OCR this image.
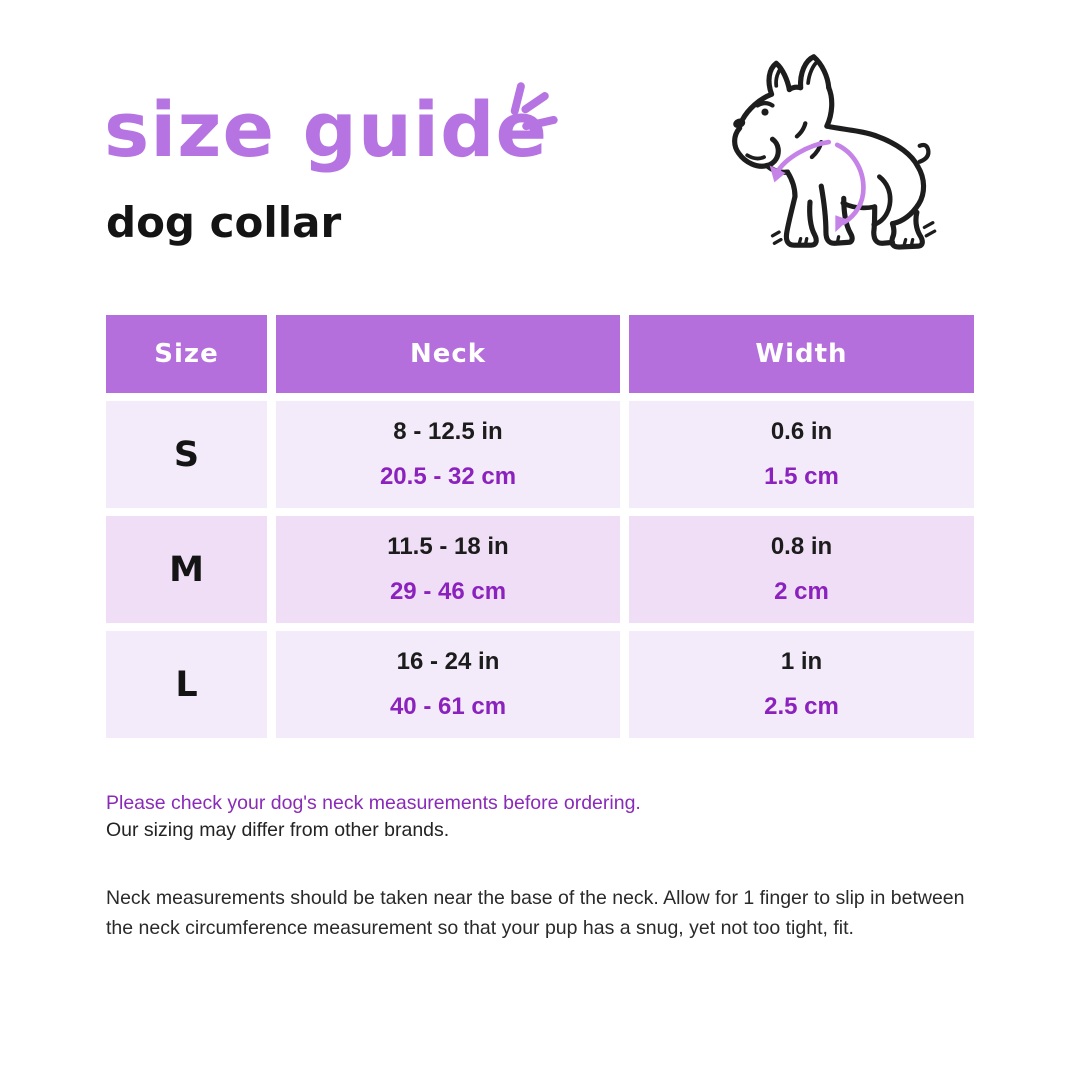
size guide
dog collar
Size	Neck	Width
S
8 - 12.5 in
20.5 - 32 cm
0.6 in
1.5 cm
M
11.5 - 18 in
29 - 46 cm
0.8 in
2 cm
L
16 - 24 in
40 - 61 cm
1 in
2.5 cm
Please check your dog's neck measurements before ordering.
Our sizing may differ from other brands.
Neck measurements should be taken near the base of the neck. Allow for 1 finger to slip in between the neck circumference measurement so that your pup has a snug, yet not too tight, fit.
